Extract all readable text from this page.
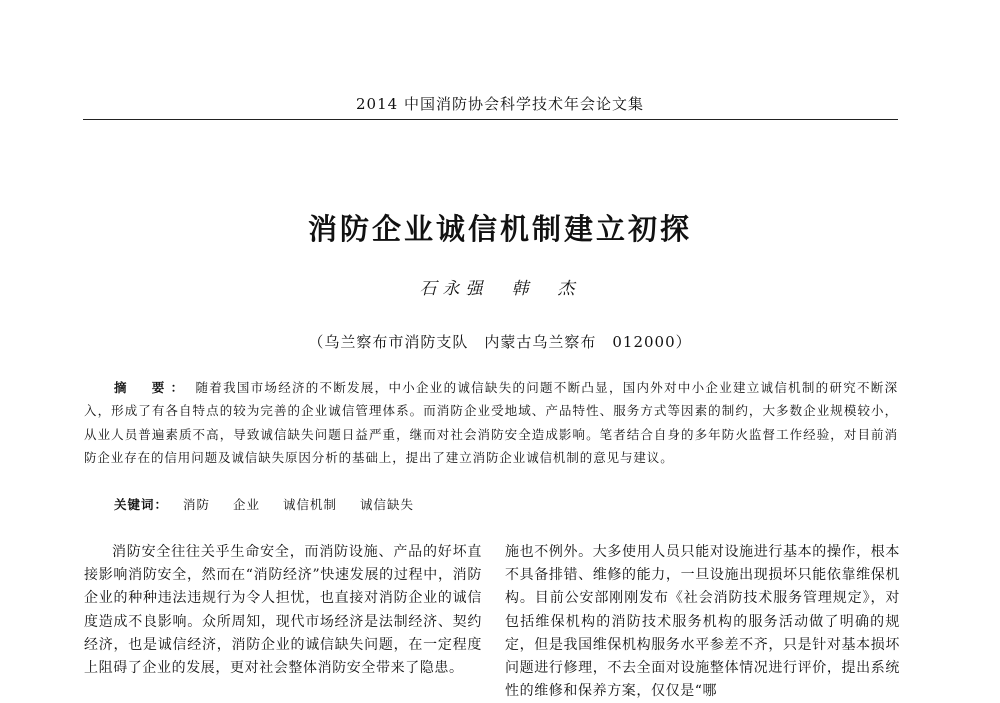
2014 中国消防协会科学技术年会论文集
消防企业诚信机制建立初探
石永强　韩　杰
（乌兰察布市消防支队　内蒙古乌兰察布　012000）
摘　要： 随着我国市场经济的不断发展，中小企业的诚信缺失的问题不断凸显，国内外对中小企业建立诚信机制的研究不断深入，形成了有各自特点的较为完善的企业诚信管理体系。而消防企业受地域、产品特性、服务方式等因素的制约，大多数企业规模较小，从业人员普遍素质不高，导致诚信缺失问题日益严重，继而对社会消防安全造成影响。笔者结合自身的多年防火监督工作经验，对目前消防企业存在的信用问题及诚信缺失原因分析的基础上，提出了建立消防企业诚信机制的意见与建议。
关键词： 消防 企业 诚信机制 诚信缺失
消防安全往往关乎生命安全，而消防设施、产品的好坏直接影响消防安全，然而在“消防经济”快速发展的过程中，消防企业的种种违法违规行为令人担忧，也直接对消防企业的诚信度造成不良影响。众所周知，现代市场经济是法制经济、契约经济，也是诚信经济，消防企业的诚信缺失问题，在一定程度上阻碍了企业的发展，更对社会整体消防安全带来了隐患。
施也不例外。大多使用人员只能对设施进行基本的操作，根本不具备排错、维修的能力，一旦设施出现损坏只能依靠维保机构。目前公安部刚刚发布《社会消防技术服务管理规定》，对包括维保机构的消防技术服务机构的服务活动做了明确的规定，但是我国维保机构服务水平参差不齐，只是针对基本损坏问题进行修理，不去全面对设施整体情况进行评价，提出系统性的维修和保养方案，仅仅是“哪
